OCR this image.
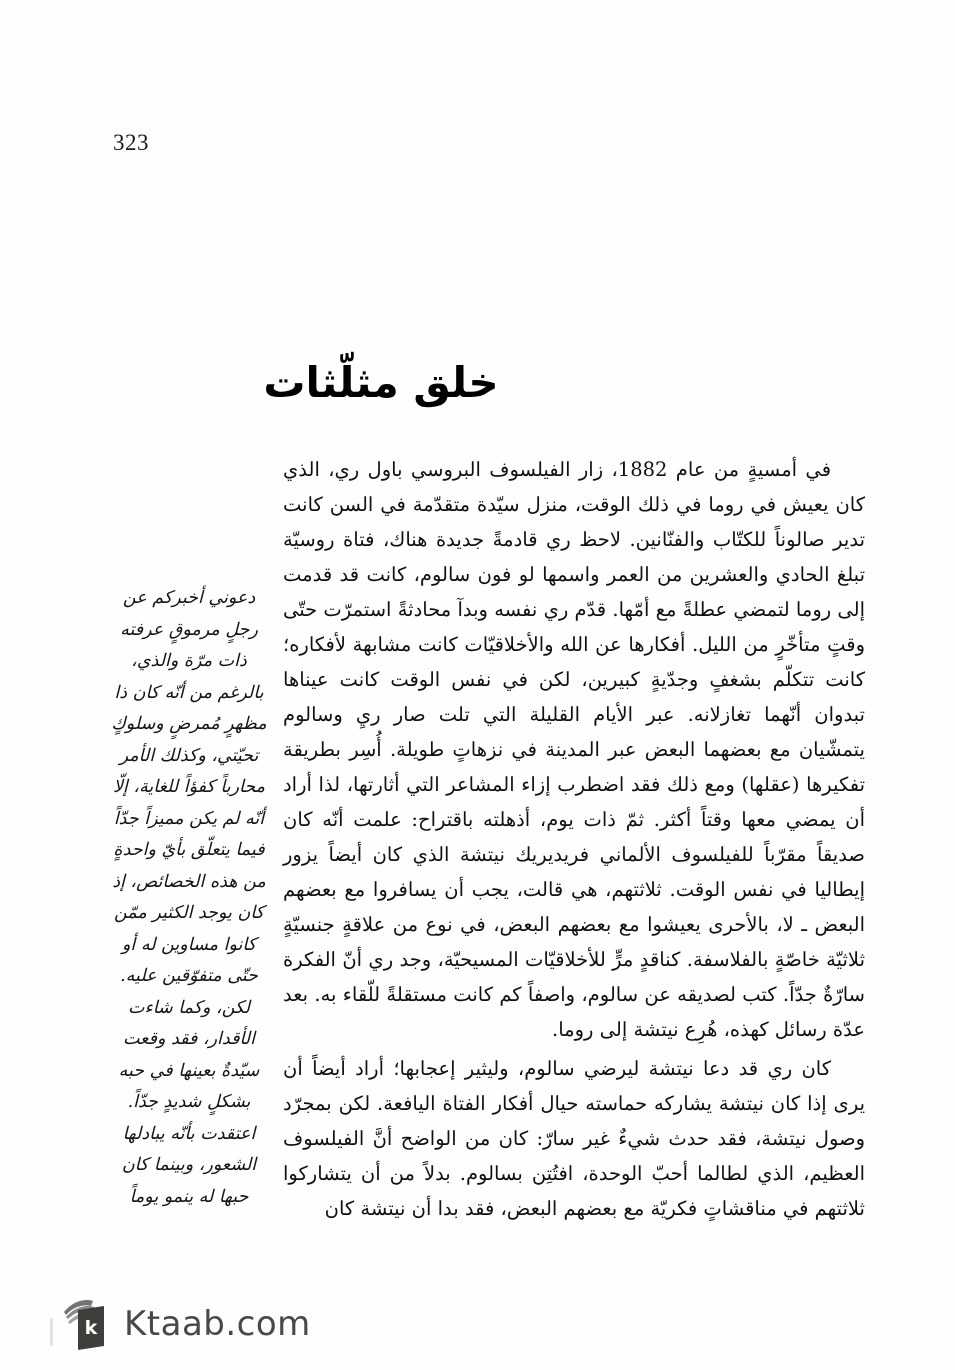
323
خلق مثلّثات

في أمسيةٍ من عام 1882، زار الفيلسوف البروسي باول ري، الذي كان يعيش في روما في ذلك الوقت، منزل سيّدة متقدّمة في السن كانت تدير صالوناً للكتّاب والفنّانين. لاحظ ري قادمةً جديدة هناك، فتاة روسيّة تبلغ الحادي والعشرين من العمر واسمها لو فون سالوم، كانت قد قدمت إلى روما لتمضي عطلةً مع أمّها. قدّم ري نفسه وبدآ محادثةً استمرّت حتّى وقتٍ متأخّرٍ من الليل. أفكارها عن الله والأخلاقيّات كانت مشابهة لأفكاره؛ كانت تتكلّم بشغفٍ وجدّيةٍ كبيرين، لكن في نفس الوقت كانت عيناها تبدوان أنّهما تغازلانه. عبر الأيام القليلة التي تلت صار ريِ وسالوم يتمشّيان مع بعضهما البعض عبر المدينة في نزهاتٍ طويلة. أُسِر بطريقة تفكيرها (عقلها) ومع ذلك فقد اضطرب إزاء المشاعر التي أثارتها، لذا أراد أن يمضي معها وقتاً أكثر. ثمّ ذات يوم، أذهلته باقتراح: علمت أنّه كان صديقاً مقرّباً للفيلسوف الألماني فريديريك نيتشة الذي كان أيضاً يزور إيطاليا في نفس الوقت. ثلاثتهم، هي قالت، يجب أن يسافروا مع بعضهم البعض ـ لا، بالأحرى يعيشوا مع بعضهم البعض، في نوع من علاقةٍ جنسيّةٍ ثلاثيّة خاصّةٍ بالفلاسفة. كناقدٍ مرٍّ للأخلاقيّات المسيحيّة، وجد ري أنّ الفكرة سارّةٌ جدّاً. كتب لصديقه عن سالوم، واصفاً كم كانت مستقلةً للّقاء به. بعد عدّة رسائل كهذه، هُرِع نيتشة إلى روما.

كان ري قد دعا نيتشة ليرضي سالوم، وليثير إعجابها؛ أراد أيضاً أن يرى إذا كان نيتشة يشاركه حماسته حيال أفكار الفتاة اليافعة. لكن بمجرّد وصول نيتشة، فقد حدث شيءٌ غير سارّ: كان من الواضح أنَّ الفيلسوف العظيم، الذي لطالما أحبّ الوحدة، افتُتِن بسالوم. بدلاً من أن يتشاركوا ثلاثتهم في مناقشاتٍ فكريّة مع بعضهم البعض، فقد بدا أن نيتشة كان

دعوني أخبركم عن رجلٍ مرموقٍ عرفته ذات مرّة والذي، بالرغم من أنّه كان ذا مظهرٍ مُمرضٍ وسلوكٍ تحيّتي، وكذلك الأمر محارباً كفؤاً للغاية، إلّا أنّه لم يكن مميزاً جدّاً فيما يتعلّق بأيّ واحدةٍ من هذه الخصائص، إذ كان يوجد الكثير ممّن كانوا مساوين له أو حتّى متفوّقين عليه. لكن، وكما شاءت الأقدار، فقد وقعت سيّدةٌ بعينها في حبه بشكلٍ شديدٍ جدّاً. اعتقدت بأنّه يبادلها الشعور، وبينما كان حبها له ينمو يوماً

k Ktaab.com
